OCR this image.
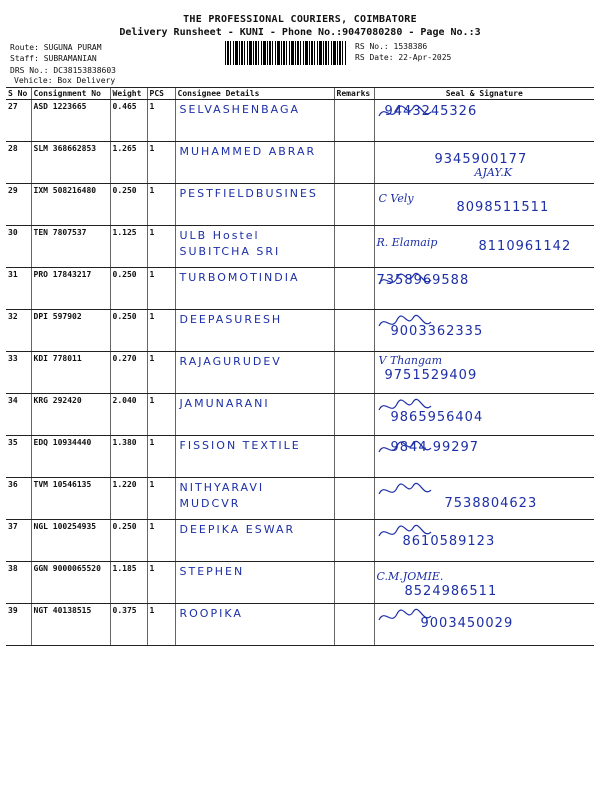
THE PROFESSIONAL COURIERS, COIMBATORE
Delivery Runsheet - KUNI - Phone No.:9047080280 - Page No.:3
Route: SUGUNA PURAM
Staff: SUBRAMANIAN
DRS No.: DC38153838603
Vehicle: Box Delivery
RS No.: 1538386
RS Date: 22-Apr-2025
S No	Consignment No	Weight	PCS	Consignee Details	Remarks	Seal & Signature
27	ASD 1223665	0.465	1	SELVASHENBAGA		9443245326

28	SLM 368662853	1.265	1	MUHAMMED ABRAR		AJAY.K
9345900177

29	IXM 508216480	0.250	1	PESTFIELDBUSINES		C Vely
8098511511

30	TEN 7807537	1.125	1	ULB Hostel
SUBITCHA SRI		R. Elamaip 8110961142

31	PRO 17843217	0.250	1	TURBOMOTINDIA		7358969588

32	DPI 597902	0.250	1	DEEPASURESH		9003362335

33	KDI 778011	0.270	1	RAJAGURUDEV		V Thangam
9751529409

34	KRG 292420	2.040	1	JAMUNARANI		9865956404

35	EDQ 10934440	1.380	1	FISSION TEXTILE		9844 99297

36	TVM 10546135	1.220	1	NITHYARAVI
MUDCVR		7538804623

37	NGL 100254935	0.250	1	DEEPIKA ESWAR		8610589123

38	GGN 9000065520	1.185	1	STEPHEN		C.M.JOMIE.
8524986511

39	NGT 40138515	0.375	1	ROOPIKA		9003450029
